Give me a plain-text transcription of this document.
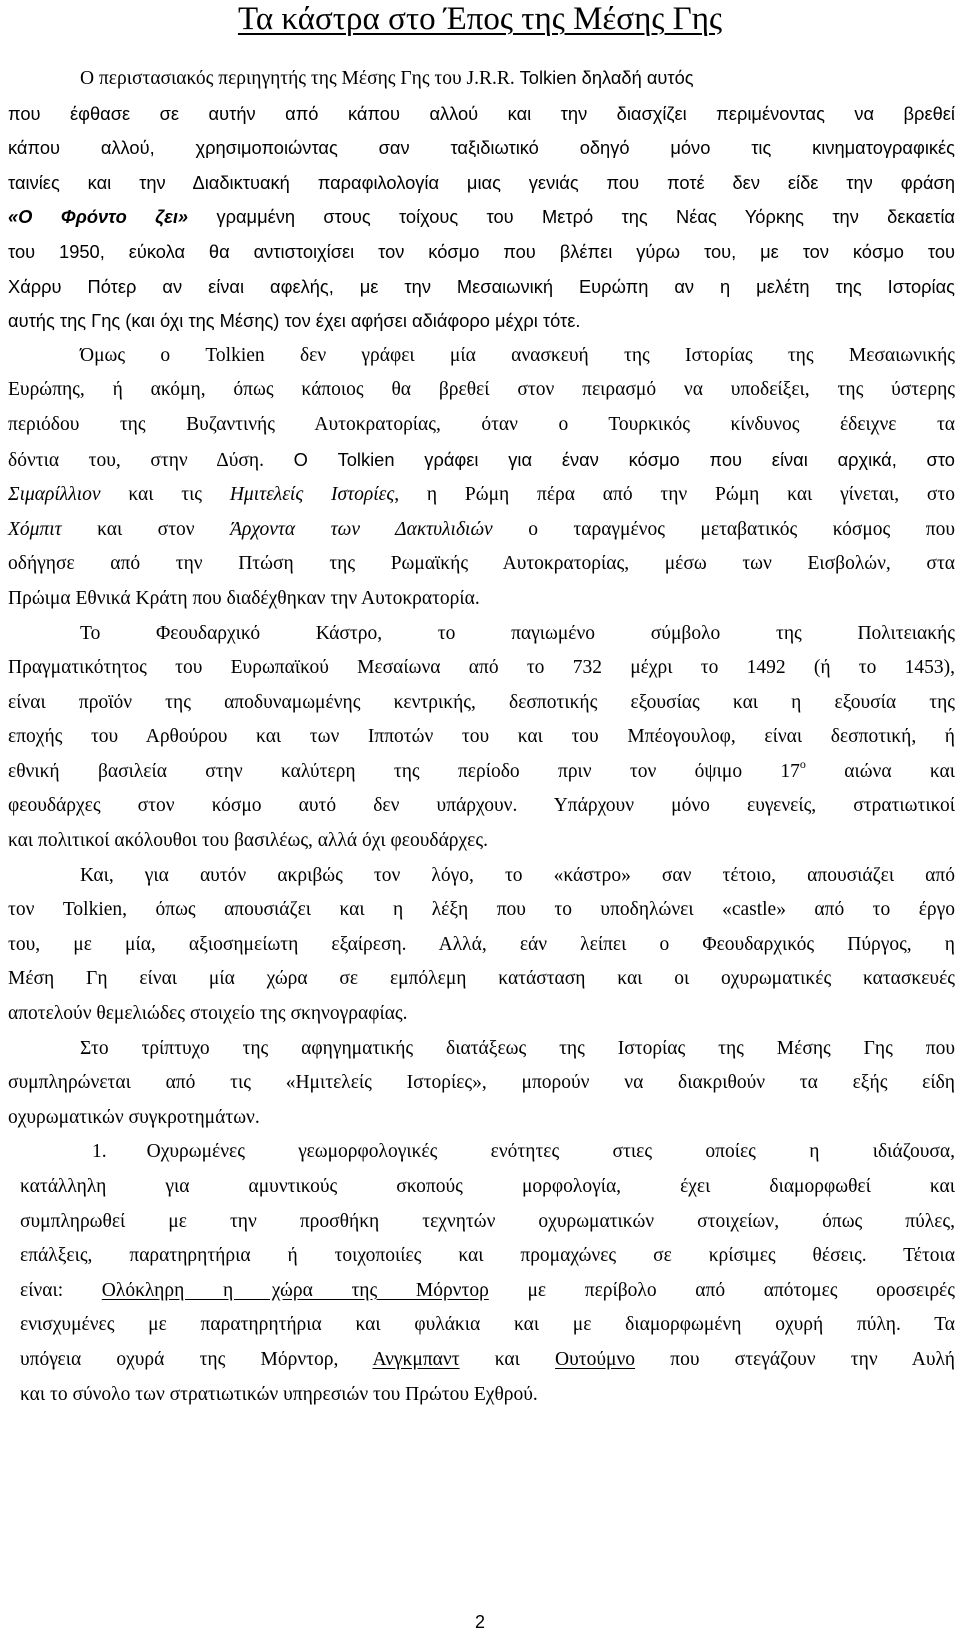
Τα κάστρα στο Έπος της Μέσης Γης
Ο περιστασιακός περιηγητής της Μέσης Γης του J.R.R. Tolkien δηλαδή αυτός
που έφθασε σε αυτήν από κάπου αλλού και την διασχίζει περιμένοντας να βρεθεί
κάπου αλλού, χρησιμοποιώντας σαν ταξιδιωτικό οδηγό μόνο τις κινηματογραφικές
ταινίες και την Διαδικτυακή παραφιλολογία μιας γενιάς που ποτέ δεν είδε την φράση
«Ο Φρόντο ζει» γραμμένη στους τοίχους του Μετρό της Νέας Υόρκης την δεκαετία
του 1950, εύκολα θα αντιστοιχίσει τον κόσμο που βλέπει γύρω του, με τον κόσμο του
Χάρρυ Πότερ αν είναι αφελής, με την Μεσαιωνική Ευρώπη αν η μελέτη της Ιστορίας
αυτής της Γης (και όχι της Μέσης) τον έχει αφήσει αδιάφορο μέχρι τότε.
Όμως ο Tolkien δεν γράφει μία ανασκευή της Ιστορίας της Μεσαιωνικής
Ευρώπης, ή ακόμη, όπως κάποιος θα βρεθεί στον πειρασμό να υποδείξει, της ύστερης
περιόδου της Βυζαντινής Αυτοκρατορίας, όταν ο Τουρκικός κίνδυνος έδειχνε τα
δόντια του, στην Δύση. Ο Tolkien γράφει για έναν κόσμο που είναι αρχικά, στο
Σιμαρίλλιον και τις Ημιτελείς Ιστορίες, η Ρώμη πέρα από την Ρώμη και γίνεται, στο
Χόμπιτ και στον Άρχοντα των Δακτυλιδιών ο ταραγμένος μεταβατικός κόσμος που
οδήγησε από την Πτώση της Ρωμαϊκής Αυτοκρατορίας, μέσω των Εισβολών, στα
Πρώιμα Εθνικά Κράτη που διαδέχθηκαν την Αυτοκρατορία.
Το Φεουδαρχικό Κάστρο, το παγιωμένο σύμβολο της Πολιτειακής
Πραγματικότητος του Ευρωπαϊκού Μεσαίωνα από το 732 μέχρι το 1492 (ή το 1453),
είναι προϊόν της αποδυναμωμένης κεντρικής, δεσποτικής εξουσίας και η εξουσία της
εποχής του Αρθούρου και των Ιπποτών του και του Μπέογουλοφ, είναι δεσποτική, ή
εθνική βασιλεία στην καλύτερη της περίοδο πριν τον όψιμο $17^o$ αιώνα και
φεουδάρχες στον κόσμο αυτό δεν υπάρχουν. Υπάρχουν μόνο ευγενείς, στρατιωτικοί
και πολιτικοί ακόλουθοι του βασιλέως, αλλά όχι φεουδάρχες.
Και, για αυτόν ακριβώς τον λόγο, το «κάστρο» σαν τέτοιο, απουσιάζει από
τον Tolkien, όπως απουσιάζει και η λέξη που το υποδηλώνει «castle» από το έργο
του, με μία, αξιοσημείωτη εξαίρεση. Αλλά, εάν λείπει ο Φεουδαρχικός Πύργος, η
Μέση Γη είναι μία χώρα σε εμπόλεμη κατάσταση και οι οχυρωματικές κατασκευές
αποτελούν θεμελιώδες στοιχείο της σκηνογραφίας.
Στο τρίπτυχο της αφηγηματικής διατάξεως της Ιστορίας της Μέσης Γης που
συμπληρώνεται από τις «Ημιτελείς Ιστορίες», μπορούν να διακριθούν τα εξής είδη
οχυρωματικών συγκροτημάτων.
1. Οχυρωμένες γεωμορφολογικές ενότητες στιες οποίες η ιδιάζουσα,
κατάλληλη για αμυντικούς σκοπούς μορφολογία, έχει διαμορφωθεί και
συμπληρωθεί με την προσθήκη τεχνητών οχυρωματικών στοιχείων, όπως πύλες,
επάλξεις, παρατηρητήρια ή τοιχοποιίες και προμαχώνες σε κρίσιμες θέσεις. Τέτοια
είναι: Ολόκληρη η χώρα της Μόρντορ με περίβολο από απότομες οροσειρές
ενισχυμένες με παρατηρητήρια και φυλάκια και με διαμορφωμένη οχυρή πύλη. Τα
υπόγεια οχυρά της Μόρντορ, Ανγκμπαντ και Ουτούμνο που στεγάζουν την Αυλή
και το σύνολο των στρατιωτικών υπηρεσιών του Πρώτου Εχθρού.
2
